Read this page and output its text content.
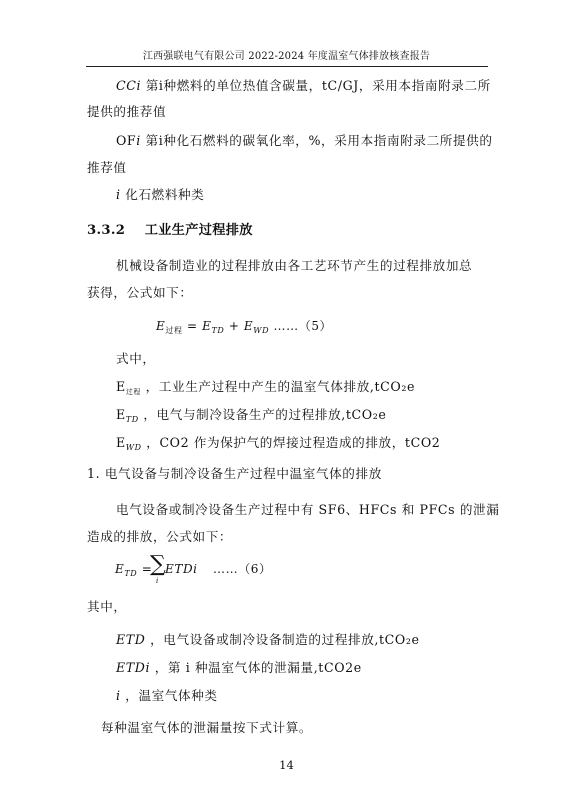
江西强联电气有限公司 2022-2024 年度温室气体排放核查报告
CCi 第i种燃料的单位热值含碳量，tC/GJ，采用本指南附录二所
提供的推荐值
OFi 第i种化石燃料的碳氧化率，%，采用本指南附录二所提供的
推荐值
i 化石燃料种类
3.3.2 工业生产过程排放
机械设备制造业的过程排放由各工艺环节产生的过程排放加总
获得，公式如下：
$E_{过程} = E_{TD} + E_{WD}$ ……（5）
式中，
$E_{过程}$ ，工业生产过程中产生的温室气体排放,tCO₂e
$E_{TD}$ ，电气与制冷设备生产的过程排放,tCO₂e
$E_{WD}$ ，CO2 作为保护气的焊接过程造成的排放，tCO2
1. 电气设备与制冷设备生产过程中温室气体的排放
电气设备或制冷设备生产过程中有 SF6、HFCs 和 PFCs 的泄漏
造成的排放，公式如下：
$E_{TD}$ =
∑
i
ETDi ……（6）
其中，
ETD ，电气设备或制冷设备制造的过程排放,tCO₂e
ETDi ，第 i 种温室气体的泄漏量,tCO2e
i ，温室气体种类
每种温室气体的泄漏量按下式计算。
14
